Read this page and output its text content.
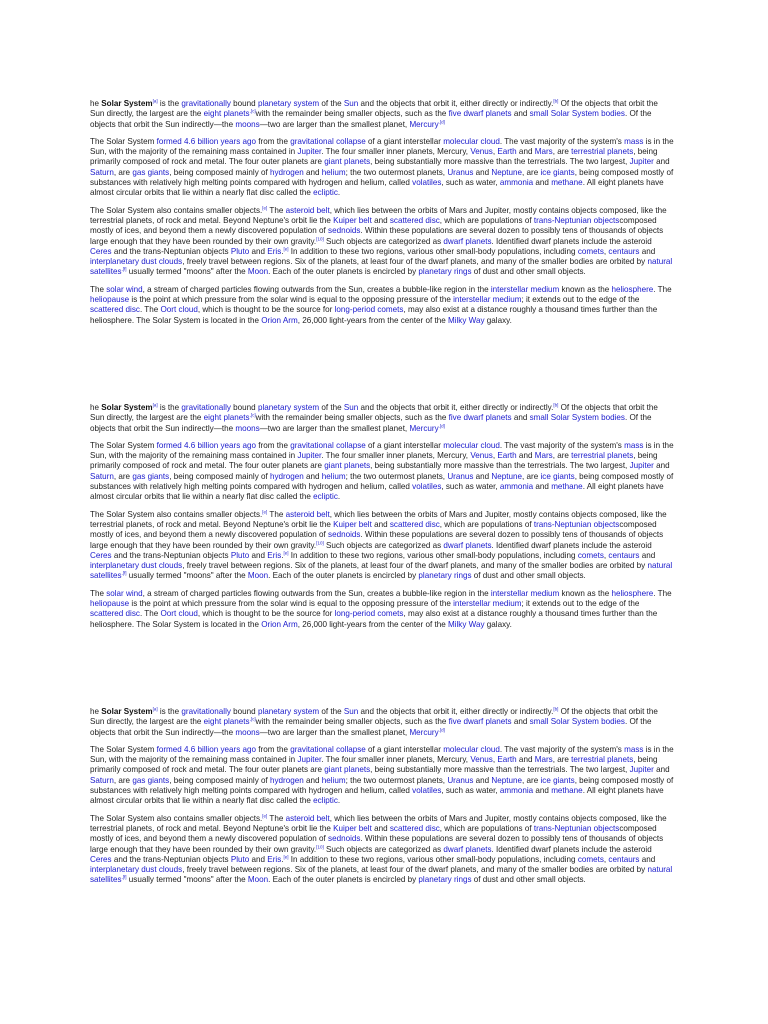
he Solar System[a] is the gravitationally bound planetary system of the Sun and the objects that orbit it, either directly or indirectly.[b] Of the objects that orbit the Sun directly, the largest are the eight planets$^{,[c]}$with the remainder being smaller objects, such as the five dwarf planets and small Solar System bodies. Of the objects that orbit the Sun indirectly—the moons—two are larger than the smallest planet, Mercury$^{.[d]}$

The Solar System formed 4.6 billion years ago from the gravitational collapse of a giant interstellar molecular cloud. The vast majority of the system's mass is in the Sun, with the majority of the remaining mass contained in Jupiter. The four smaller inner planets, Mercury, Venus, Earth and Mars, are terrestrial planets, being primarily composed of rock and metal. The four outer planets are giant planets, being substantially more massive than the terrestrials. The two largest, Jupiter and Saturn, are gas giants, being composed mainly of hydrogen and helium; the two outermost planets, Uranus and Neptune, are ice giants, being composed mostly of substances with relatively high melting points compared with hydrogen and helium, called volatiles, such as water, ammonia and methane. All eight planets have almost circular orbits that lie within a nearly flat disc called the ecliptic.

The Solar System also contains smaller objects.[e] The asteroid belt, which lies between the orbits of Mars and Jupiter, mostly contains objects composed, like the terrestrial planets, of rock and metal. Beyond Neptune's orbit lie the Kuiper belt and scattered disc, which are populations of trans-Neptunian objectscomposed mostly of ices, and beyond them a newly discovered population of sednoids. Within these populations are several dozen to possibly tens of thousands of objects large enough that they have been rounded by their own gravity.[10] Such objects are categorized as dwarf planets. Identified dwarf planets include the asteroid Ceres and the trans-Neptunian objects Pluto and Eris.[e] In addition to these two regions, various other small-body populations, including comets, centaurs and interplanetary dust clouds, freely travel between regions. Six of the planets, at least four of the dwarf planets, and many of the smaller bodies are orbited by natural satellites$^{,[f]}$ usually termed "moons" after the Moon. Each of the outer planets is encircled by planetary rings of dust and other small objects.

The solar wind, a stream of charged particles flowing outwards from the Sun, creates a bubble-like region in the interstellar medium known as the heliosphere. The heliopause is the point at which pressure from the solar wind is equal to the opposing pressure of the interstellar medium; it extends out to the edge of the scattered disc. The Oort cloud, which is thought to be the source for long-period comets, may also exist at a distance roughly a thousand times further than the heliosphere. The Solar System is located in the Orion Arm, 26,000 light-years from the center of the Milky Way galaxy.

he Solar System[a] is the gravitationally bound planetary system of the Sun and the objects that orbit it, either directly or indirectly.[b] Of the objects that orbit the Sun directly, the largest are the eight planets$^{,[c]}$with the remainder being smaller objects, such as the five dwarf planets and small Solar System bodies. Of the objects that orbit the Sun indirectly—the moons—two are larger than the smallest planet, Mercury$^{.[d]}$

The Solar System formed 4.6 billion years ago from the gravitational collapse of a giant interstellar molecular cloud. The vast majority of the system's mass is in the Sun, with the majority of the remaining mass contained in Jupiter. The four smaller inner planets, Mercury, Venus, Earth and Mars, are terrestrial planets, being primarily composed of rock and metal. The four outer planets are giant planets, being substantially more massive than the terrestrials. The two largest, Jupiter and Saturn, are gas giants, being composed mainly of hydrogen and helium; the two outermost planets, Uranus and Neptune, are ice giants, being composed mostly of substances with relatively high melting points compared with hydrogen and helium, called volatiles, such as water, ammonia and methane. All eight planets have almost circular orbits that lie within a nearly flat disc called the ecliptic.

The Solar System also contains smaller objects.[e] The asteroid belt, which lies between the orbits of Mars and Jupiter, mostly contains objects composed, like the terrestrial planets, of rock and metal. Beyond Neptune's orbit lie the Kuiper belt and scattered disc, which are populations of trans-Neptunian objectscomposed mostly of ices, and beyond them a newly discovered population of sednoids. Within these populations are several dozen to possibly tens of thousands of objects large enough that they have been rounded by their own gravity.[10] Such objects are categorized as dwarf planets. Identified dwarf planets include the asteroid Ceres and the trans-Neptunian objects Pluto and Eris.[e] In addition to these two regions, various other small-body populations, including comets, centaurs and interplanetary dust clouds, freely travel between regions. Six of the planets, at least four of the dwarf planets, and many of the smaller bodies are orbited by natural satellites$^{,[f]}$ usually termed "moons" after the Moon. Each of the outer planets is encircled by planetary rings of dust and other small objects.

The solar wind, a stream of charged particles flowing outwards from the Sun, creates a bubble-like region in the interstellar medium known as the heliosphere. The heliopause is the point at which pressure from the solar wind is equal to the opposing pressure of the interstellar medium; it extends out to the edge of the scattered disc. The Oort cloud, which is thought to be the source for long-period comets, may also exist at a distance roughly a thousand times further than the heliosphere. The Solar System is located in the Orion Arm, 26,000 light-years from the center of the Milky Way galaxy.

he Solar System[a] is the gravitationally bound planetary system of the Sun and the objects that orbit it, either directly or indirectly.[b] Of the objects that orbit the Sun directly, the largest are the eight planets$^{,[c]}$with the remainder being smaller objects, such as the five dwarf planets and small Solar System bodies. Of the objects that orbit the Sun indirectly—the moons—two are larger than the smallest planet, Mercury$^{.[d]}$

The Solar System formed 4.6 billion years ago from the gravitational collapse of a giant interstellar molecular cloud. The vast majority of the system's mass is in the Sun, with the majority of the remaining mass contained in Jupiter. The four smaller inner planets, Mercury, Venus, Earth and Mars, are terrestrial planets, being primarily composed of rock and metal. The four outer planets are giant planets, being substantially more massive than the terrestrials. The two largest, Jupiter and Saturn, are gas giants, being composed mainly of hydrogen and helium; the two outermost planets, Uranus and Neptune, are ice giants, being composed mostly of substances with relatively high melting points compared with hydrogen and helium, called volatiles, such as water, ammonia and methane. All eight planets have almost circular orbits that lie within a nearly flat disc called the ecliptic.

The Solar System also contains smaller objects.[e] The asteroid belt, which lies between the orbits of Mars and Jupiter, mostly contains objects composed, like the terrestrial planets, of rock and metal. Beyond Neptune's orbit lie the Kuiper belt and scattered disc, which are populations of trans-Neptunian objectscomposed mostly of ices, and beyond them a newly discovered population of sednoids. Within these populations are several dozen to possibly tens of thousands of objects large enough that they have been rounded by their own gravity.[10] Such objects are categorized as dwarf planets. Identified dwarf planets include the asteroid Ceres and the trans-Neptunian objects Pluto and Eris.[e] In addition to these two regions, various other small-body populations, including comets, centaurs and interplanetary dust clouds, freely travel between regions. Six of the planets, at least four of the dwarf planets, and many of the smaller bodies are orbited by natural satellites$^{,[f]}$ usually termed "moons" after the Moon. Each of the outer planets is encircled by planetary rings of dust and other small objects.
